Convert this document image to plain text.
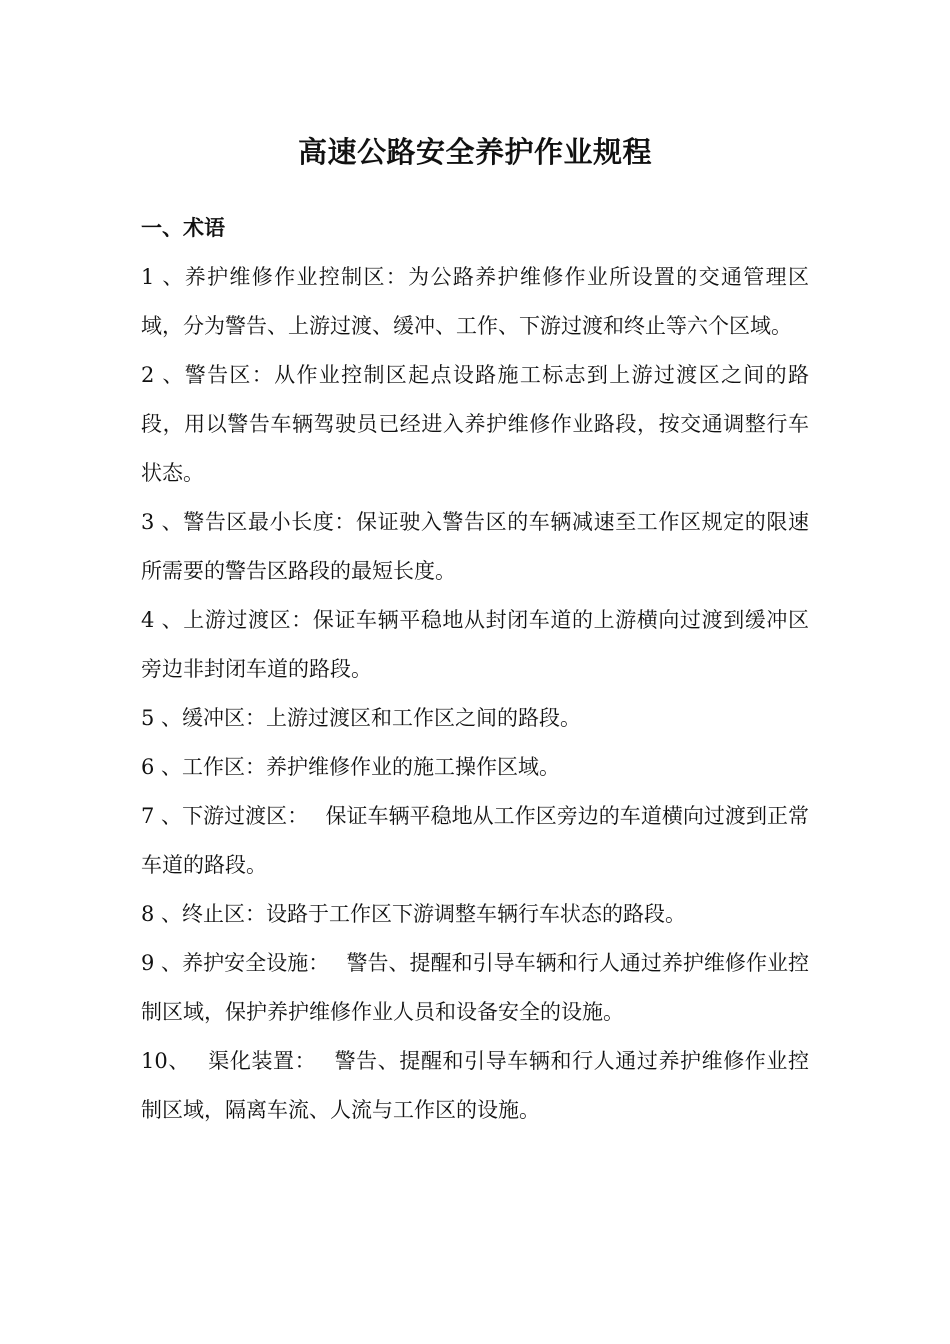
高速公路安全养护作业规程

一、术语

1 、养护维修作业控制区：为公路养护维修作业所设置的交通管理区域，分为警告、上游过渡、缓冲、工作、下游过渡和终止等六个区域。

2 、警告区：从作业控制区起点设路施工标志到上游过渡区之间的路段，用以警告车辆驾驶员已经进入养护维修作业路段，按交通调整行车状态。

3 、警告区最小长度：保证驶入警告区的车辆减速至工作区规定的限速所需要的警告区路段的最短长度。

4 、上游过渡区：保证车辆平稳地从封闭车道的上游横向过渡到缓冲区旁边非封闭车道的路段。

5 、缓冲区：上游过渡区和工作区之间的路段。

6 、工作区：养护维修作业的施工操作区域。

7 、下游过渡区：　 保证车辆平稳地从工作区旁边的车道横向过渡到正常车道的路段。

8 、终止区：设路于工作区下游调整车辆行车状态的路段。

9 、养护安全设施：　 警告、提醒和引导车辆和行人通过养护维修作业控制区域，保护养护维修作业人员和设备安全的设施。

10、　 渠化装置：　 警告、提醒和引导车辆和行人通过养护维修作业控制区域，隔离车流、人流与工作区的设施。
